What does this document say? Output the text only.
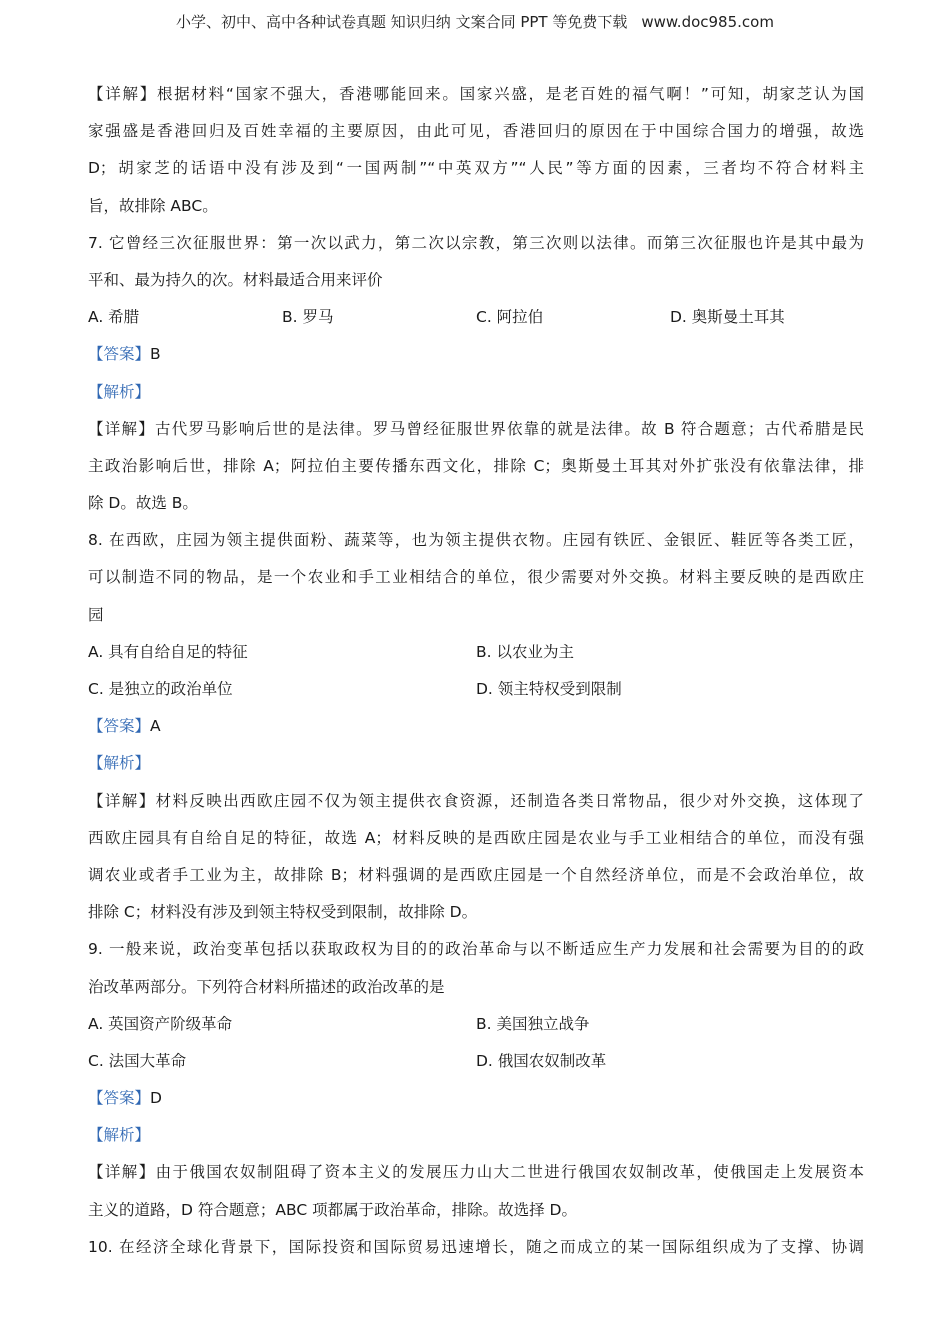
小学、初中、高中各种试卷真题 知识归纳 文案合同 PPT 等免费下载 www.doc985.com
【详解】根据材料“国家不强大，香港哪能回来。国家兴盛，是老百姓的福气啊！”可知，胡家芝认为国
家强盛是香港回归及百姓幸福的主要原因，由此可见，香港回归的原因在于中国综合国力的增强，故选
D；胡家芝的话语中没有涉及到“一国两制”“中英双方”“人民”等方面的因素，三者均不符合材料主
旨，故排除 ABC。
7. 它曾经三次征服世界：第一次以武力，第二次以宗教，第三次则以法律。而第三次征服也许是其中最为
平和、最为持久的次。材料最适合用来评价
A. 希腊	B. 罗马	C. 阿拉伯	D. 奥斯曼土耳其
【答案】B
【解析】
【详解】古代罗马影响后世的是法律。罗马曾经征服世界依靠的就是法律。故 B 符合题意；古代希腊是民
主政治影响后世，排除 A；阿拉伯主要传播东西文化，排除 C；奥斯曼土耳其对外扩张没有依靠法律，排
除 D。故选 B。
8. 在西欧，庄园为领主提供面粉、蔬菜等，也为领主提供衣物。庄园有铁匠、金银匠、鞋匠等各类工匠，
可以制造不同的物品，是一个农业和手工业相结合的单位，很少需要对外交换。材料主要反映的是西欧庄
园
A. 具有自给自足的特征	B. 以农业为主
C. 是独立的政治单位	D. 领主特权受到限制
【答案】A
【解析】
【详解】材料反映出西欧庄园不仅为领主提供衣食资源，还制造各类日常物品，很少对外交换，这体现了
西欧庄园具有自给自足的特征，故选 A；材料反映的是西欧庄园是农业与手工业相结合的单位，而没有强
调农业或者手工业为主，故排除 B；材料强调的是西欧庄园是一个自然经济单位，而是不会政治单位，故
排除 C；材料没有涉及到领主特权受到限制，故排除 D。
9. 一般来说，政治变革包括以获取政权为目的的政治革命与以不断适应生产力发展和社会需要为目的的政
治改革两部分。下列符合材料所描述的政治改革的是
A. 英国资产阶级革命	B. 美国独立战争
C. 法国大革命	D. 俄国农奴制改革
【答案】D
【解析】
【详解】由于俄国农奴制阻碍了资本主义的发展压力山大二世进行俄国农奴制改革，使俄国走上发展资本
主义的道路，D 符合题意；ABC 项都属于政治革命，排除。故选择 D。
10. 在经济全球化背景下，国际投资和国际贸易迅速增长，随之而成立的某一国际组织成为了支撑、协调
